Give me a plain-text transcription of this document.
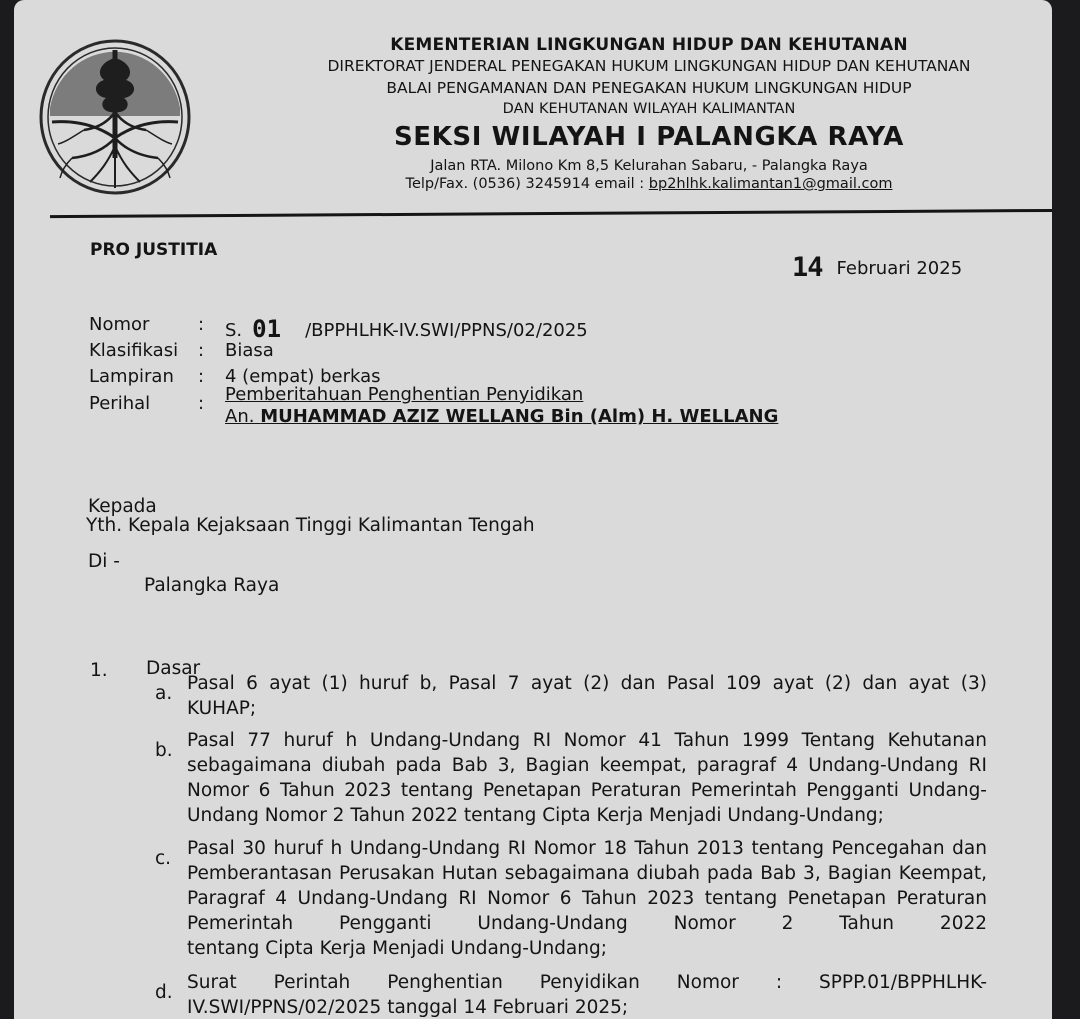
KEMENTERIAN LINGKUNGAN HIDUP DAN KEHUTANAN
DIREKTORAT JENDERAL PENEGAKAN HUKUM LINGKUNGAN HIDUP DAN KEHUTANAN
BALAI PENGAMANAN DAN PENEGAKAN HUKUM LINGKUNGAN HIDUP
DAN KEHUTANAN WILAYAH KALIMANTAN
SEKSI WILAYAH I PALANGKA RAYA
Jalan RTA. Milono Km 8,5 Kelurahan Sabaru, - Palangka Raya
Telp/Fax. (0536) 3245914 email : bp2hlhk.kalimantan1@gmail.com
PRO JUSTITIA
14 Februari 2025
Nomor	: S. 01 /BPPHLHK-IV.SWI/PPNS/02/2025
Klasifikasi : Biasa
Lampiran : 4 (empat) berkas
Perihal	: Pemberitahuan Penghentian Penyidikan
An. MUHAMMAD AZIZ WELLANG Bin (Alm) H. WELLANG
Kepada
Yth. Kepala Kejaksaan Tinggi Kalimantan Tengah
Di -
Palangka Raya
1. Dasar
a. Pasal 6 ayat (1) huruf b, Pasal 7 ayat (2) dan Pasal 109 ayat (2) dan ayat (3)
KUHAP;
b. Pasal 77 huruf h Undang-Undang RI Nomor 41 Tahun 1999 Tentang Kehutanan sebagaimana diubah pada Bab 3, Bagian keempat, paragraf 4 Undang-Undang RI Nomor 6 Tahun 2023 tentang Penetapan Peraturan Pemerintah Pengganti Undang-
Undang Nomor 2 Tahun 2022 tentang Cipta Kerja Menjadi Undang-Undang;
c. Pasal 30 huruf h Undang-Undang RI Nomor 18 Tahun 2013 tentang Pencegahan dan Pemberantasan Perusakan Hutan sebagaimana diubah pada Bab 3, Bagian Keempat, Paragraf 4 Undang-Undang RI Nomor 6 Tahun 2023 tentang Penetapan Peraturan Pemerintah Pengganti Undang-Undang Nomor 2 Tahun 2022
tentang Cipta Kerja Menjadi Undang-Undang;
d. Surat Perintah Penghentian Penyidikan Nomor : SPPP.01/BPPHLHK-
IV.SWI/PPNS/02/2025 tanggal 14 Februari 2025;
